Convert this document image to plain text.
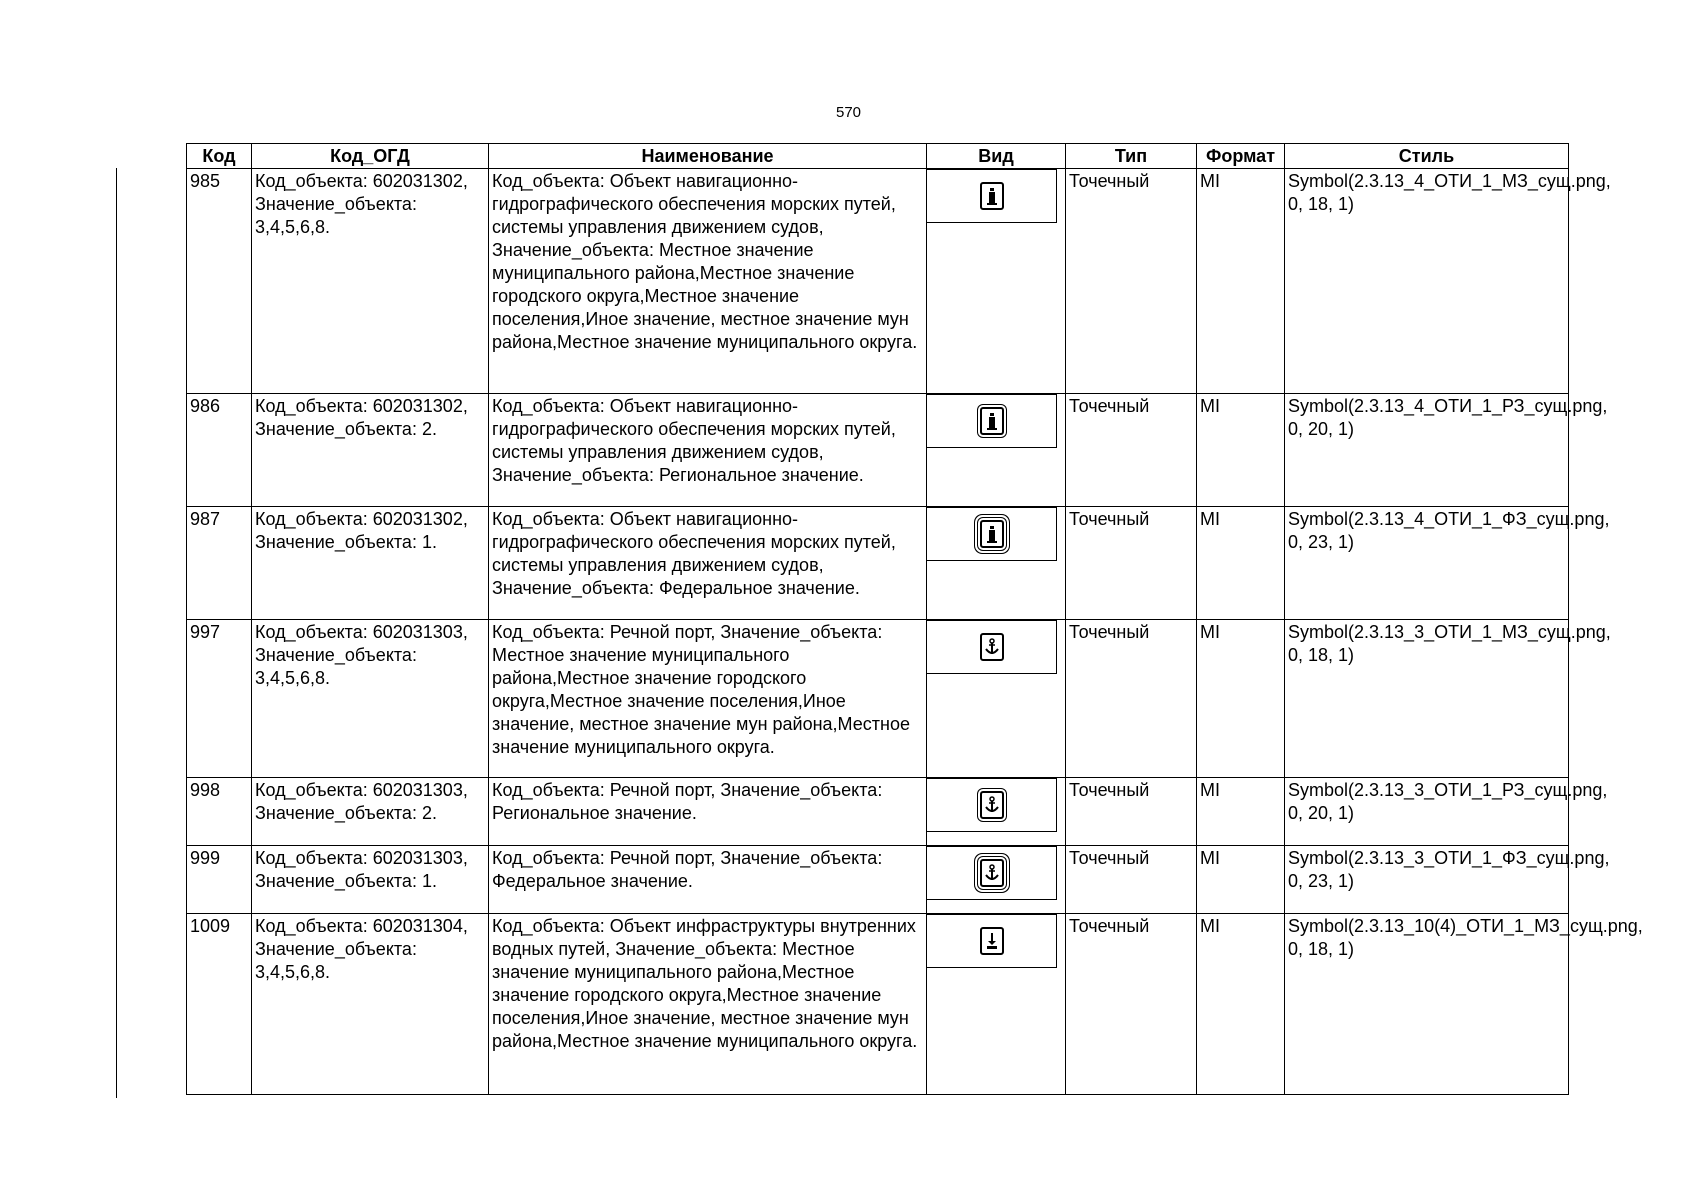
570
Код	Код_ОГД	Наименование	Вид	Тип	Формат	Стиль
985	Код_объекта: 602031302, Значение_объекта: 3,4,5,6,8.	Код_объекта: Объект навигационно-гидрографического обеспечения морских путей, системы управления движением судов, Значение_объекта: Местное значение муниципального района,Местное значение городского округа,Местное значение поселения,Иное значение, местное значение мун района,Местное значение муниципального округа.		Точечный	MI	Symbol(2.3.13_4_ОТИ_1_МЗ_сущ.png, 0, 18, 1)
986	Код_объекта: 602031302, Значение_объекта: 2.	Код_объекта: Объект навигационно-гидрографического обеспечения морских путей, системы управления движением судов, Значение_объекта: Региональное значение.		Точечный	MI	Symbol(2.3.13_4_ОТИ_1_РЗ_сущ.png, 0, 20, 1)
987	Код_объекта: 602031302, Значение_объекта: 1.	Код_объекта: Объект навигационно-гидрографического обеспечения морских путей, системы управления движением судов, Значение_объекта: Федеральное значение.		Точечный	MI	Symbol(2.3.13_4_ОТИ_1_ФЗ_сущ.png, 0, 23, 1)
997	Код_объекта: 602031303, Значение_объекта: 3,4,5,6,8.	Код_объекта: Речной порт, Значение_объекта: Местное значение муниципального района,Местное значение городского округа,Местное значение поселения,Иное значение, местное значение мун района,Местное значение муниципального округа.		Точечный	MI	Symbol(2.3.13_3_ОТИ_1_МЗ_сущ.png, 0, 18, 1)
998	Код_объекта: 602031303, Значение_объекта: 2.	Код_объекта: Речной порт, Значение_объекта: Региональное значение.		Точечный	MI	Symbol(2.3.13_3_ОТИ_1_РЗ_сущ.png, 0, 20, 1)
999	Код_объекта: 602031303, Значение_объекта: 1.	Код_объекта: Речной порт, Значение_объекта: Федеральное значение.		Точечный	MI	Symbol(2.3.13_3_ОТИ_1_ФЗ_сущ.png, 0, 23, 1)
1009	Код_объекта: 602031304, Значение_объекта: 3,4,5,6,8.	Код_объекта: Объект инфраструктуры внутренних водных путей, Значение_объекта: Местное значение муниципального района,Местное значение городского округа,Местное значение поселения,Иное значение, местное значение мун района,Местное значение муниципального округа.		Точечный	MI	Symbol(2.3.13_10(4)_ОТИ_1_МЗ_сущ.png, 0, 18, 1)
